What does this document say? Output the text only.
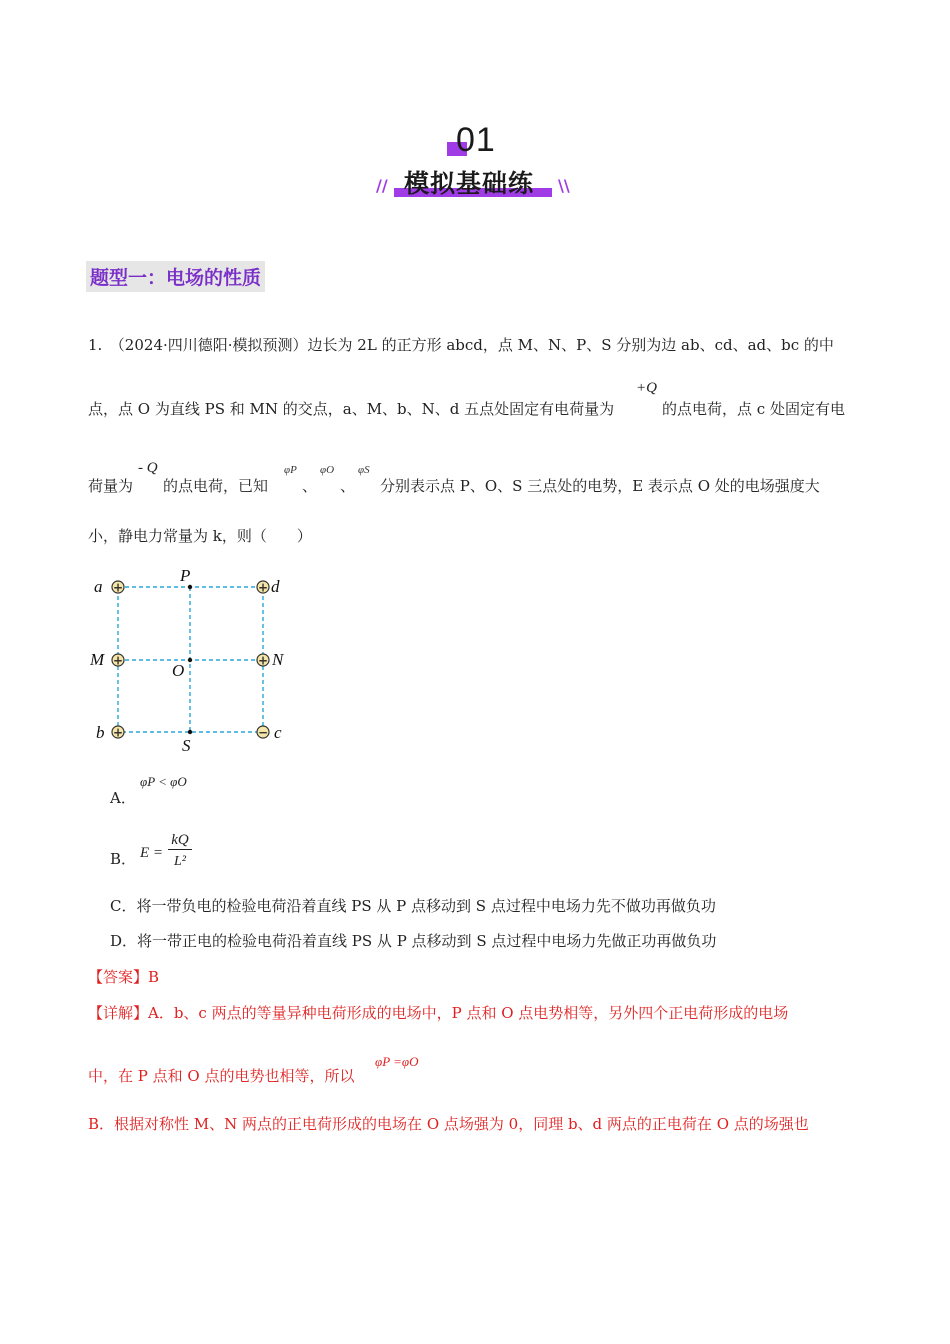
01
模拟基础练
//	\\
题型一：电场的性质
1.　（2024·四川德阳·模拟预测）边长为 2L 的正方形 abcd，点 M、N、P、S 分别为边 ab、cd、ad、bc 的中
点，点 O 为直线 PS 和 MN 的交点，a、M、b、N、d 五点处固定有电荷量为
+Q
的点电荷，点 c 处固定有电
荷量为
- Q
的点电荷，已知
φP
、
φO
、
φS
分别表示点 P、O、S 三点处的电势，E 表示点 O 处的电场强度大
小，静电力常量为 k，则（　　）
+	+
+	+
+	−
a	d
M	N
b	c
P
O
S
A．
φP < φO
B． E =
kQ
L²
C．将一带负电的检验电荷沿着直线 PS 从 P 点移动到 S 点过程中电场力先不做功再做负功
D．将一带正电的检验电荷沿着直线 PS 从 P 点移动到 S 点过程中电场力先做正功再做负功
【答案】B
【详解】A．b、c 两点的等量异种电荷形成的电场中，P 点和 O 点电势相等，另外四个正电荷形成的电场
中，在 P 点和 O 点的电势也相等，所以
φP =φO
B．根据对称性 M、N 两点的正电荷形成的电场在 O 点场强为 0，同理 b、d 两点的正电荷在 O 点的场强也
